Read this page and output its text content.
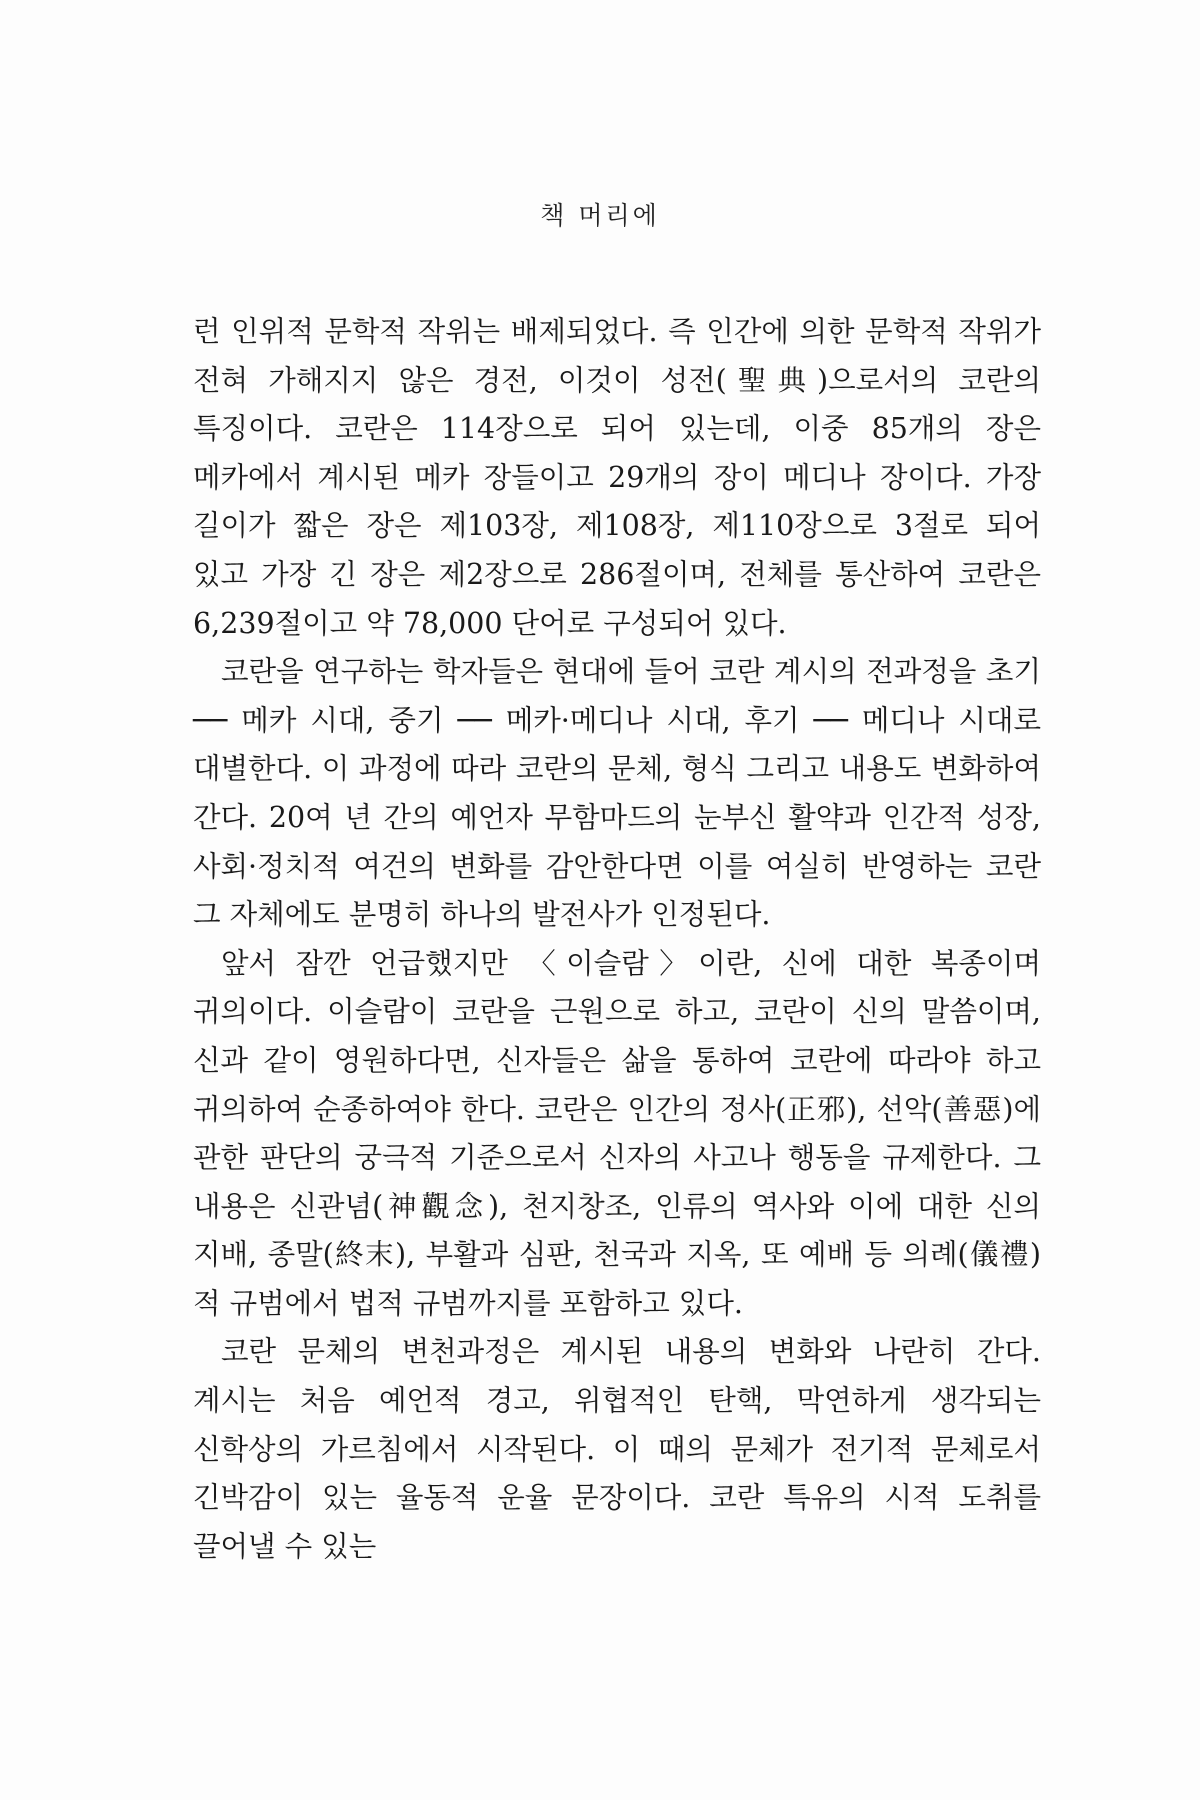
책 머리에

런 인위적 문학적 작위는 배제되었다. 즉 인간에 의한 문학적 작위가 전혀 가해지지 않은 경전, 이것이 성전(聖典)으로서의 코란의 특징이다. 코란은 114장으로 되어 있는데, 이중 85개의 장은 메카에서 계시된 메카 장들이고 29개의 장이 메디나 장이다. 가장 길이가 짧은 장은 제103장, 제108장, 제110장으로 3절로 되어 있고 가장 긴 장은 제2장으로 286절이며, 전체를 통산하여 코란은 6,239절이고 약 78,000 단어로 구성되어 있다.

코란을 연구하는 학자들은 현대에 들어 코란 계시의 전과정을 초기 ── 메카 시대, 중기 ── 메카·메디나 시대, 후기 ── 메디나 시대로 대별한다. 이 과정에 따라 코란의 문체, 형식 그리고 내용도 변화하여 간다. 20여 년 간의 예언자 무함마드의 눈부신 활약과 인간적 성장, 사회·정치적 여건의 변화를 감안한다면 이를 여실히 반영하는 코란 그 자체에도 분명히 하나의 발전사가 인정된다.

앞서 잠깐 언급했지만 〈이슬람〉이란, 신에 대한 복종이며 귀의이다. 이슬람이 코란을 근원으로 하고, 코란이 신의 말씀이며, 신과 같이 영원하다면, 신자들은 삶을 통하여 코란에 따라야 하고 귀의하여 순종하여야 한다. 코란은 인간의 정사(正邪), 선악(善惡)에 관한 판단의 궁극적 기준으로서 신자의 사고나 행동을 규제한다. 그 내용은 신관념(神觀念), 천지창조, 인류의 역사와 이에 대한 신의 지배, 종말(終末), 부활과 심판, 천국과 지옥, 또 예배 등 의례(儀禮)적 규범에서 법적 규범까지를 포함하고 있다.

코란 문체의 변천과정은 계시된 내용의 변화와 나란히 간다. 계시는 처음 예언적 경고, 위협적인 탄핵, 막연하게 생각되는 신학상의 가르침에서 시작된다. 이 때의 문체가 전기적 문체로서 긴박감이 있는 율동적 운율 문장이다. 코란 특유의 시적 도취를 끌어낼 수 있는
